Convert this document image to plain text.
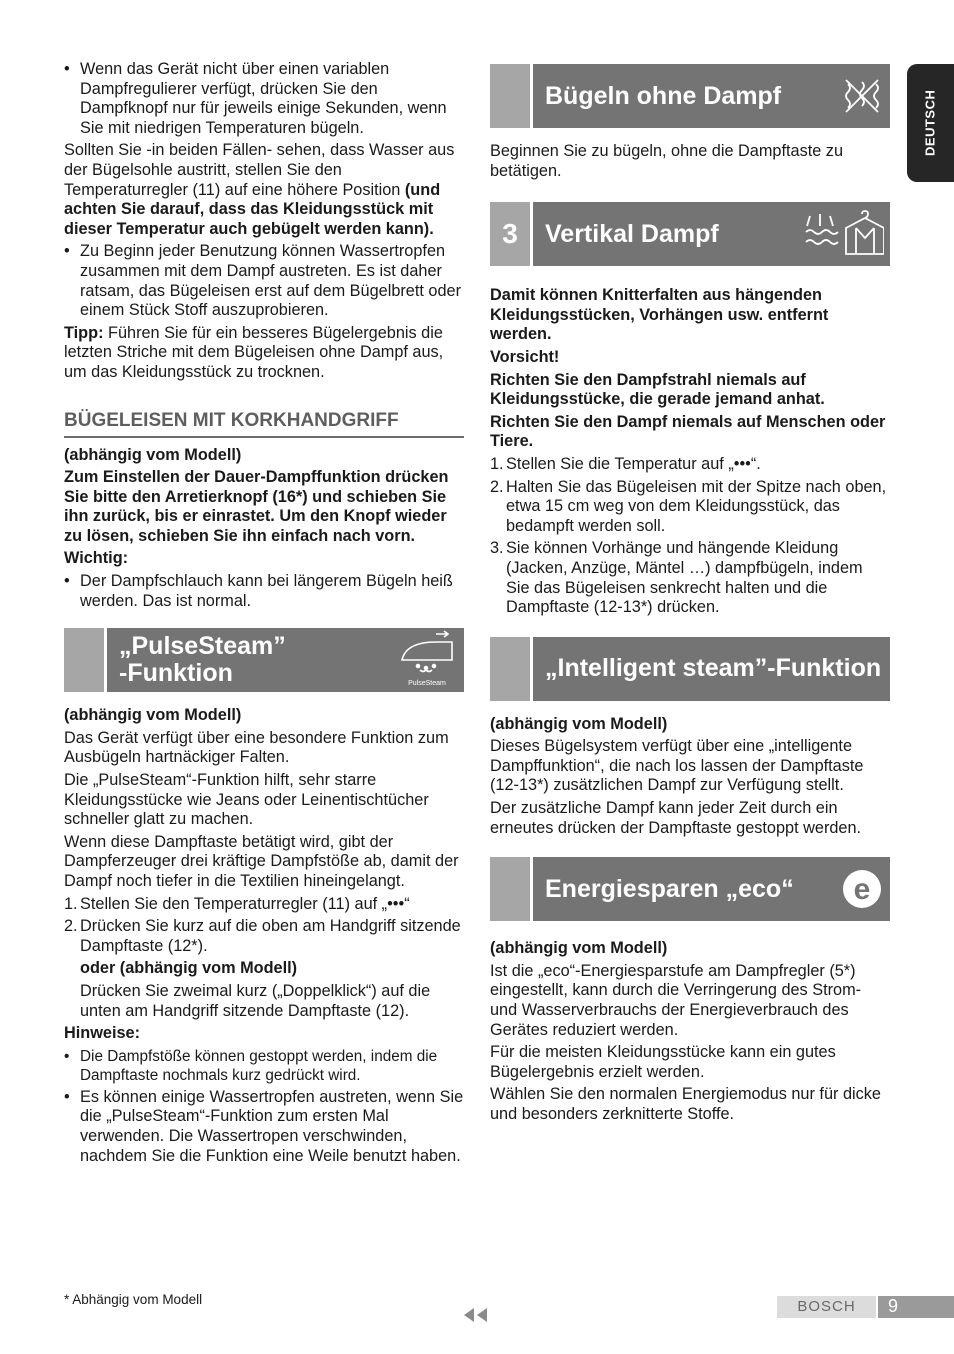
DEUTSCH
• Wenn das Gerät nicht über einen variablen Dampfregulierer verfügt, drücken Sie den Dampfknopf nur für jeweils einige Sekunden, wenn Sie mit niedrigen Temperaturen bügeln.

Sollten Sie -in beiden Fällen- sehen, dass Wasser aus der Bügelsohle austritt, stellen Sie den Temperaturregler (11) auf eine höhere Position (und achten Sie darauf, dass das Kleidungsstück mit dieser Temperatur auch gebügelt werden kann).

• Zu Beginn jeder Benutzung können Wassertropfen zusammen mit dem Dampf austreten. Es ist daher ratsam, das Bügeleisen erst auf dem Bügelbrett oder einem Stück Stoff auszuprobieren.

Tipp: Führen Sie für ein besseres Bügelergebnis die letzten Striche mit dem Bügeleisen ohne Dampf aus, um das Kleidungsstück zu trocknen.

BÜGELEISEN MIT KORKHANDGRIFF

(abhängig vom Modell)

Zum Einstellen der Dauer-Dampffunktion drücken Sie bitte den Arretierknopf (16*) und schieben Sie ihn zurück, bis er einrastet. Um den Knopf wieder zu lösen, schieben Sie ihn einfach nach vorn.

Wichtig:

• Der Dampfschlauch kann bei längerem Bügeln heiß werden. Das ist normal.
„PulseSteam”
-Funktion	PulseSteam

(abhängig vom Modell)

Das Gerät verfügt über eine besondere Funktion zum Ausbügeln hartnäckiger Falten.

Die „PulseSteam“-Funktion hilft, sehr starre Kleidungsstücke wie Jeans oder Leinentischtücher schneller glatt zu machen.

Wenn diese Dampftaste betätigt wird, gibt der Dampferzeuger drei kräftige Dampfstöße ab, damit der Dampf noch tiefer in die Textilien hineingelangt.

1. Stellen Sie den Temperaturregler (11) auf „•••“
2. Drücken Sie kurz auf die oben am Handgriff sitzende Dampftaste (12*).

oder (abhängig vom Modell)

Drücken Sie zweimal kurz („Doppelklick“) auf die unten am Handgriff sitzende Dampftaste (12).

Hinweise:

• Die Dampfstöße können gestoppt werden, indem die Dampftaste nochmals kurz gedrückt wird.
• Es können einige Wassertropfen austreten, wenn Sie die „PulseSteam“-Funktion zum ersten Mal verwenden. Die Wassertropen verschwinden, nachdem Sie die Funktion eine Weile benutzt haben.
Bügeln ohne Dampf

Beginnen Sie zu bügeln, ohne die Dampftaste zu betätigen.

3	Vertikal Dampf

Damit können Knitterfalten aus hängenden Kleidungsstücken, Vorhängen usw. entfernt werden.

Vorsicht!

Richten Sie den Dampfstrahl niemals auf Kleidungsstücke, die gerade jemand anhat.

Richten Sie den Dampf niemals auf Menschen oder Tiere.

1. Stellen Sie die Temperatur auf „•••“.
2. Halten Sie das Bügeleisen mit der Spitze nach oben, etwa 15 cm weg von dem Kleidungsstück, das bedampft werden soll.
3. Sie können Vorhänge und hängende Kleidung (Jacken, Anzüge, Mäntel …) dampfbügeln, indem Sie das Bügeleisen senkrecht halten und die Dampftaste (12-13*) drücken.
„Intelligent steam”-Funktion

(abhängig vom Modell)

Dieses Bügelsystem verfügt über eine „intelligente Dampffunktion“, die nach los lassen der Dampftaste (12-13*) zusätzlichen Dampf zur Verfügung stellt.

Der zusätzliche Dampf kann jeder Zeit durch ein erneutes drücken der Dampftaste gestoppt werden.

Energiesparen „eco“	e

(abhängig vom Modell)

Ist die „eco“-Energiesparstufe am Dampfregler (5*) eingestellt, kann durch die Verringerung des Strom- und Wasserverbrauchs der Energieverbrauch des Gerätes reduziert werden.

Für die meisten Kleidungsstücke kann ein gutes Bügelergebnis erzielt werden.

Wählen Sie den normalen Energiemodus nur für dicke und besonders zerknitterte Stoffe.

* Abhängig vom Modell	BOSCH	9
